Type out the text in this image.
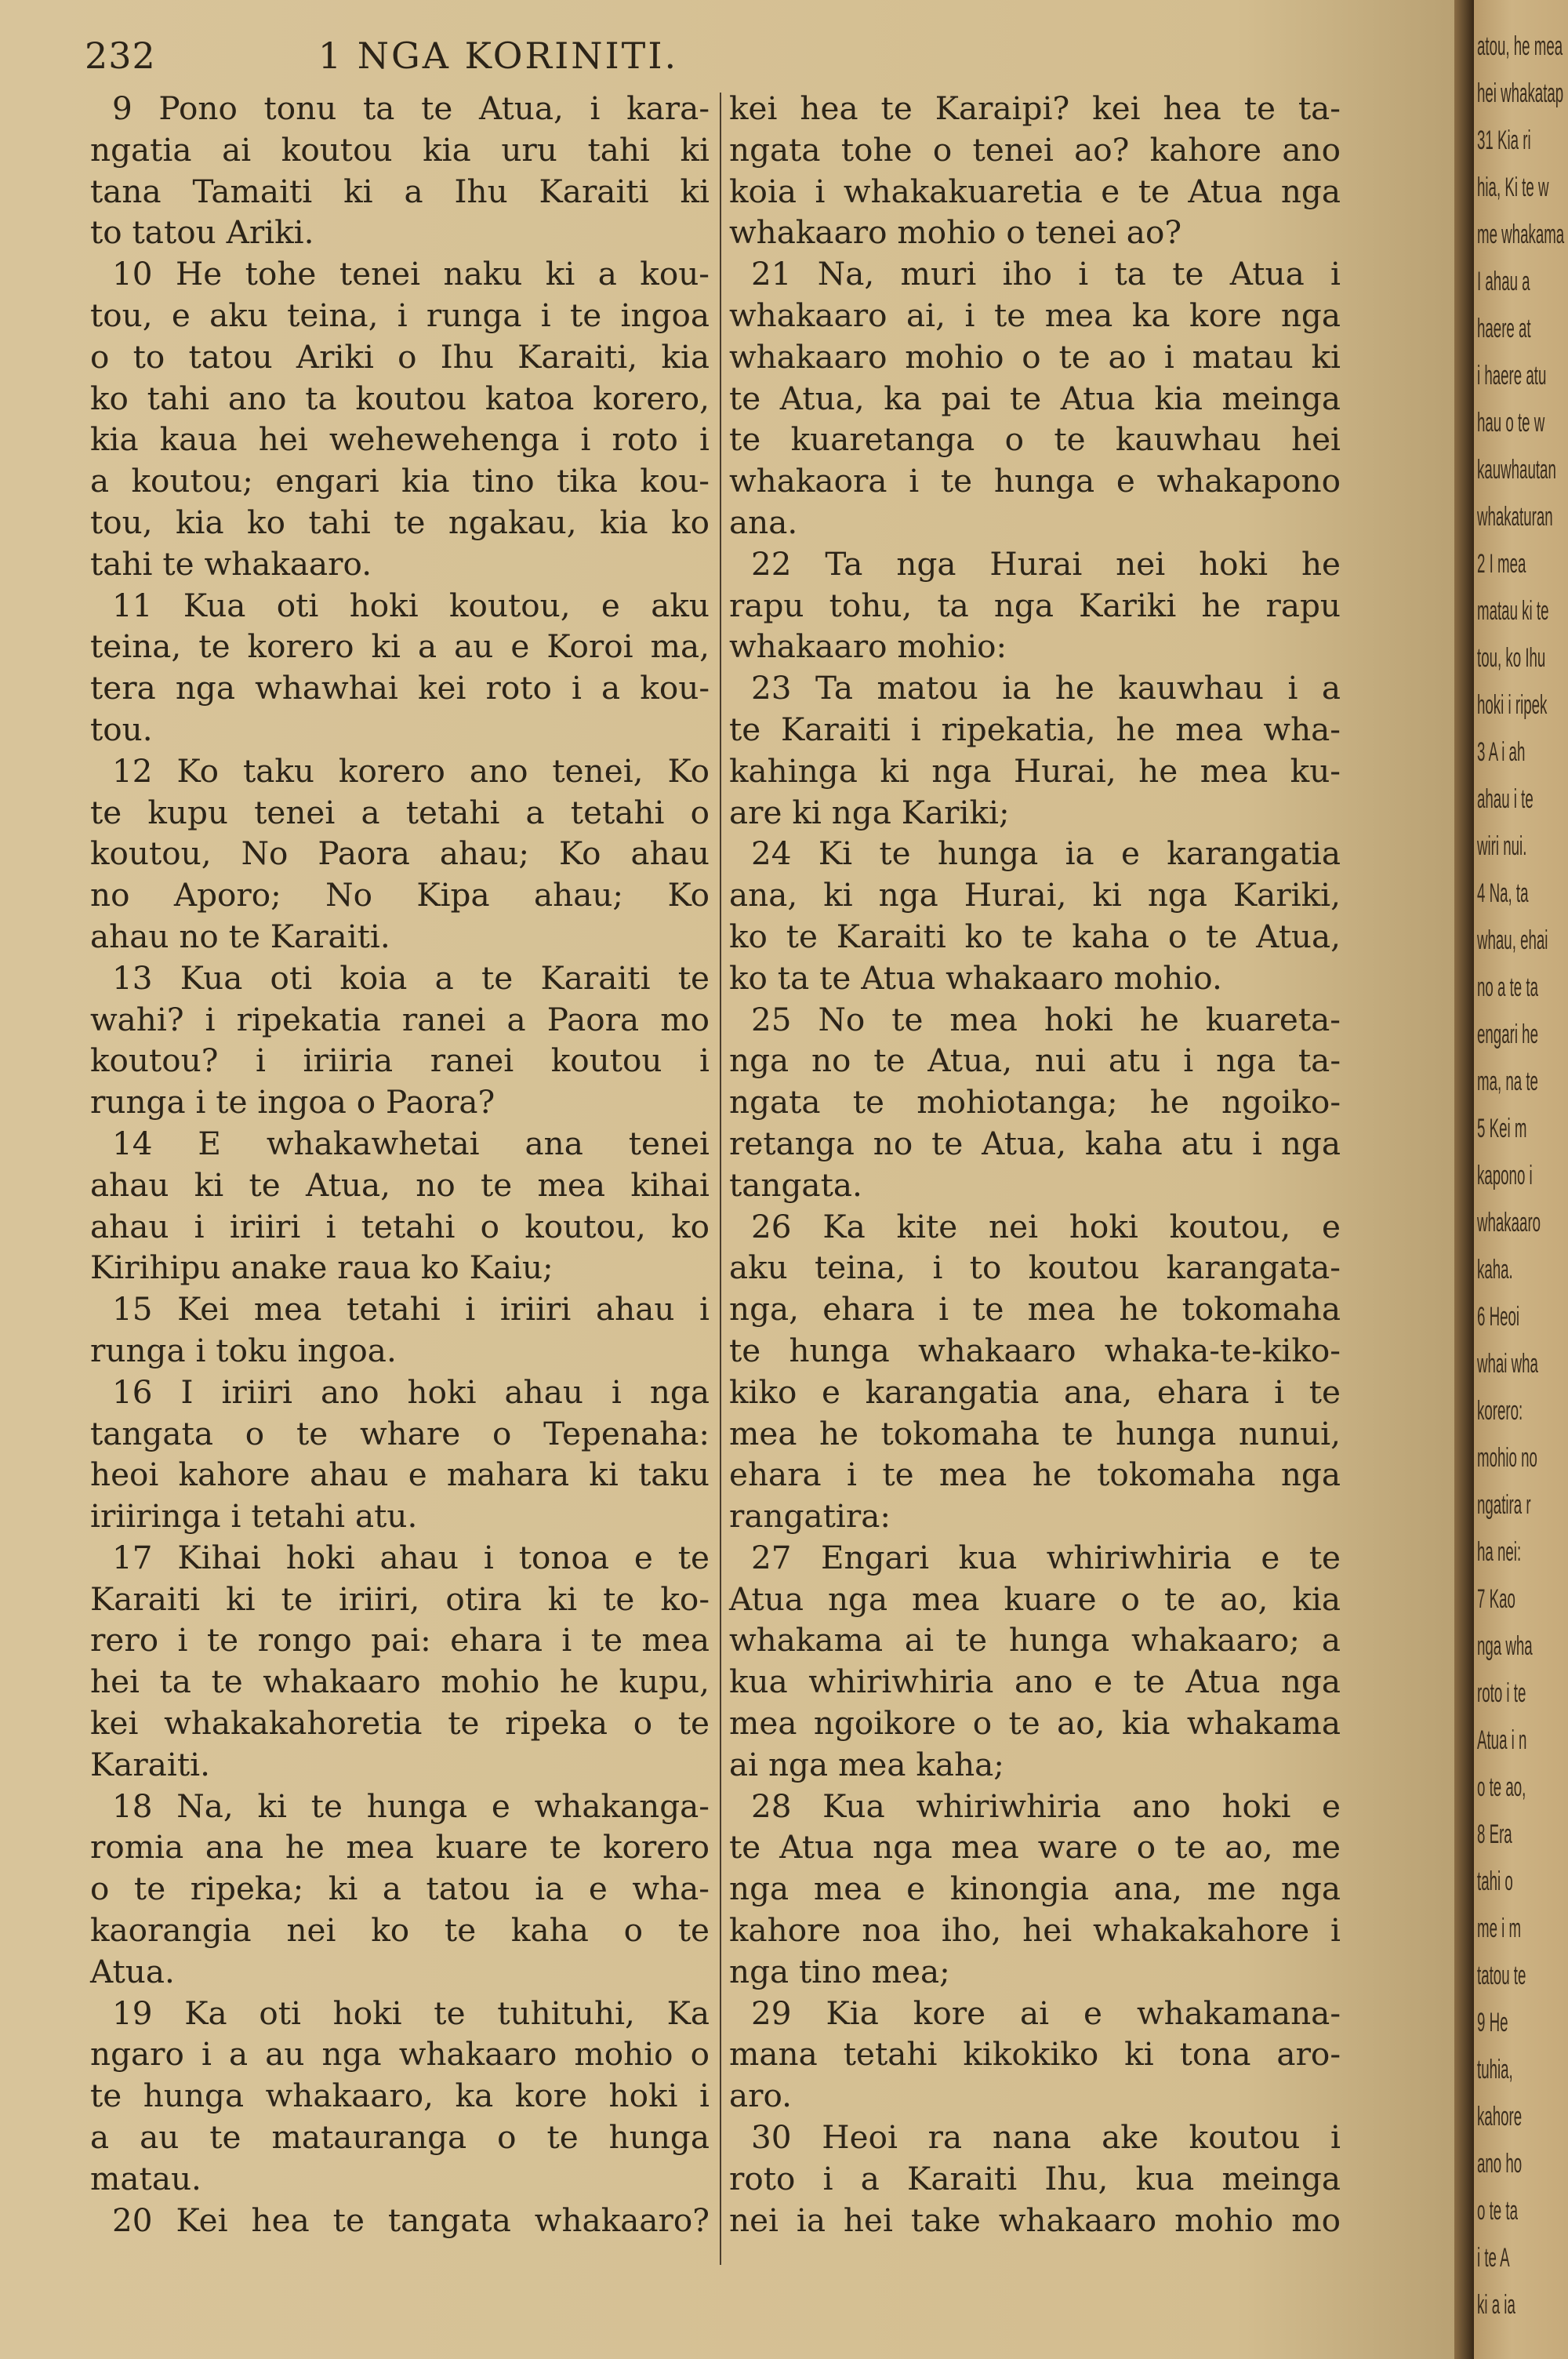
232	1 NGA KORINITI.
9 Pono tonu ta te Atua, i kara-
ngatia ai koutou kia uru tahi ki
tana Tamaiti ki a Ihu Karaiti ki
to tatou Ariki.
10 He tohe tenei naku ki a kou-
tou, e aku teina, i runga i te ingoa
o to tatou Ariki o Ihu Karaiti, kia
ko tahi ano ta koutou katoa korero,
kia kaua hei wehewehenga i roto i
a koutou; engari kia tino tika kou-
tou, kia ko tahi te ngakau, kia ko
tahi te whakaaro.
11 Kua oti hoki koutou, e aku
teina, te korero ki a au e Koroi ma,
tera nga whawhai kei roto i a kou-
tou.
12 Ko taku korero ano tenei, Ko
te kupu tenei a tetahi a tetahi o
koutou, No Paora ahau; Ko ahau
no Aporo; No Kipa ahau; Ko
ahau no te Karaiti.
13 Kua oti koia a te Karaiti te
wahi? i ripekatia ranei a Paora mo
koutou? i iriiria ranei koutou i
runga i te ingoa o Paora?
14 E whakawhetai ana tenei
ahau ki te Atua, no te mea kihai
ahau i iriiri i tetahi o koutou, ko
Kirihipu anake raua ko Kaiu;
15 Kei mea tetahi i iriiri ahau i
runga i toku ingoa.
16 I iriiri ano hoki ahau i nga
tangata o te whare o Tepenaha:
heoi kahore ahau e mahara ki taku
iriiringa i tetahi atu.
17 Kihai hoki ahau i tonoa e te
Karaiti ki te iriiri, otira ki te ko-
rero i te rongo pai: ehara i te mea
hei ta te whakaaro mohio he kupu,
kei whakakahoretia te ripeka o te
Karaiti.
18 Na, ki te hunga e whakanga-
romia ana he mea kuare te korero
o te ripeka; ki a tatou ia e wha-
kaorangia nei ko te kaha o te
Atua.
19 Ka oti hoki te tuhituhi, Ka
ngaro i a au nga whakaaro mohio o
te hunga whakaaro, ka kore hoki i
a au te matauranga o te hunga
matau.
20 Kei hea te tangata whakaaro?
kei hea te Karaipi? kei hea te ta-
ngata tohe o tenei ao? kahore ano
koia i whakakuaretia e te Atua nga
whakaaro mohio o tenei ao?
21 Na, muri iho i ta te Atua i
whakaaro ai, i te mea ka kore nga
whakaaro mohio o te ao i matau ki
te Atua, ka pai te Atua kia meinga
te kuaretanga o te kauwhau hei
whakaora i te hunga e whakapono
ana.
22 Ta nga Hurai nei hoki he
rapu tohu, ta nga Kariki he rapu
whakaaro mohio:
23 Ta matou ia he kauwhau i a
te Karaiti i ripekatia, he mea wha-
kahinga ki nga Hurai, he mea ku-
are ki nga Kariki;
24 Ki te hunga ia e karangatia
ana, ki nga Hurai, ki nga Kariki,
ko te Karaiti ko te kaha o te Atua,
ko ta te Atua whakaaro mohio.
25 No te mea hoki he kuareta-
nga no te Atua, nui atu i nga ta-
ngata te mohiotanga; he ngoiko-
retanga no te Atua, kaha atu i nga
tangata.
26 Ka kite nei hoki koutou, e
aku teina, i to koutou karangata-
nga, ehara i te mea he tokomaha
te hunga whakaaro whaka-te-kiko-
kiko e karangatia ana, ehara i te
mea he tokomaha te hunga nunui,
ehara i te mea he tokomaha nga
rangatira:
27 Engari kua whiriwhiria e te
Atua nga mea kuare o te ao, kia
whakama ai te hunga whakaaro; a
kua whiriwhiria ano e te Atua nga
mea ngoikore o te ao, kia whakama
ai nga mea kaha;
28 Kua whiriwhiria ano hoki e
te Atua nga mea ware o te ao, me
nga mea e kinongia ana, me nga
kahore noa iho, hei whakakahore i
nga tino mea;
29 Kia kore ai e whakamana-
mana tetahi kikokiko ki tona aro-
aro.
30 Heoi ra nana ake koutou i
roto i a Karaiti Ihu, kua meinga
nei ia hei take whakaaro mohio mo
atou, he mea
hei whakatap
31 Kia ri
hia, Ki te w
me whakama
I ahau a
haere at
i haere atu
hau o te w
kauwhautan
whakaturan
2 I mea
matau ki te
tou, ko Ihu
hoki i ripek
3 A i ah
ahau i te
wiri nui.
4 Na, ta
whau, ehai
no a te ta
engari he
ma, na te
5 Kei m
kapono i
whakaaro
kaha.
6 Heoi
whai wha
korero:
mohio no
ngatira r
ha nei:
7 Kao
nga wha
roto i te
Atua i n
o te ao,
8 Era
tahi o
me i m
tatou te
9 He
tuhia,
kahore
ano ho
o te ta
i te A
ki a ia
